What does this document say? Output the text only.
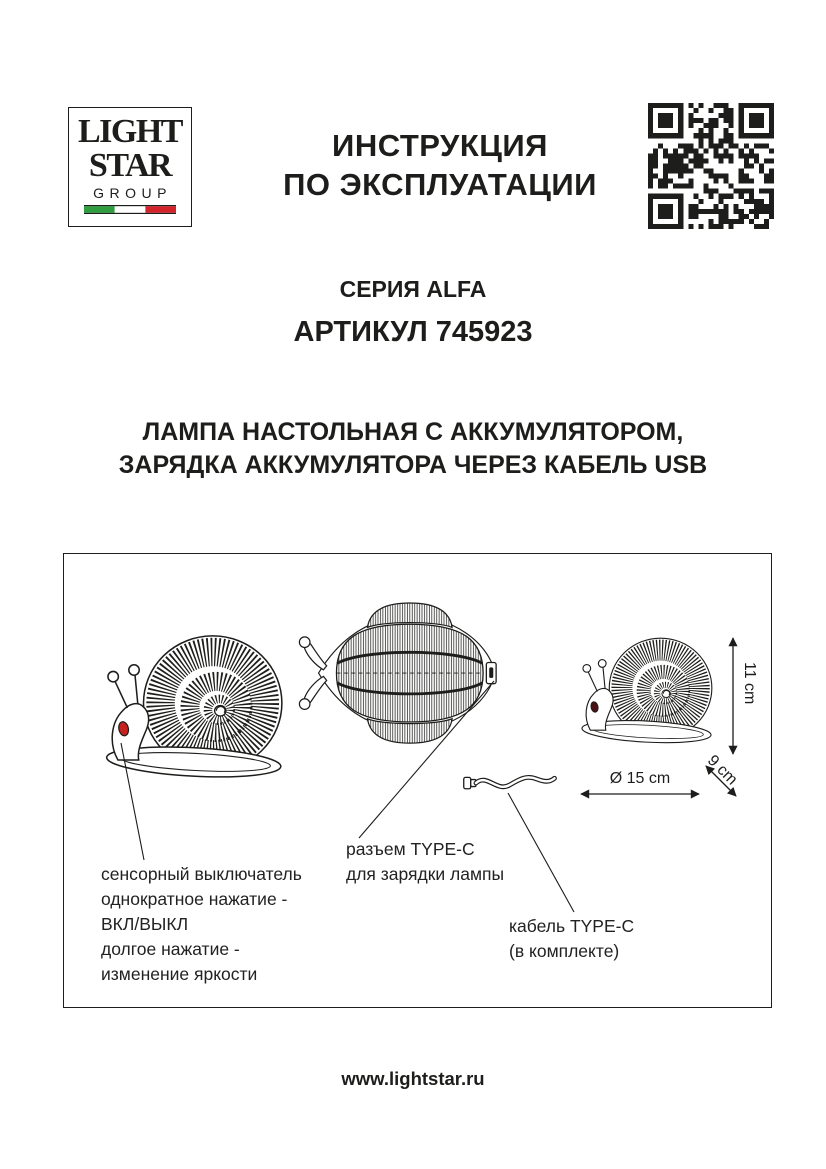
LIGHT
STAR
GROUP
ИНСТРУКЦИЯ
ПО ЭКСПЛУАТАЦИИ
СЕРИЯ ALFA
АРТИКУЛ 745923
ЛАМПА НАСТОЛЬНАЯ С АККУМУЛЯТОРОМ,
ЗАРЯДКА АККУМУЛЯТОРА ЧЕРЕЗ КАБЕЛЬ USB
11 cm
9 cm
Ø 15 cm
сенсорный выключатель
однократное нажатие -
ВКЛ/ВЫКЛ
долгое нажатие -
изменение яркости
разъем TYPE-C
для зарядки лампы
кабель TYPE-C
(в комплекте)
www.lightstar.ru
